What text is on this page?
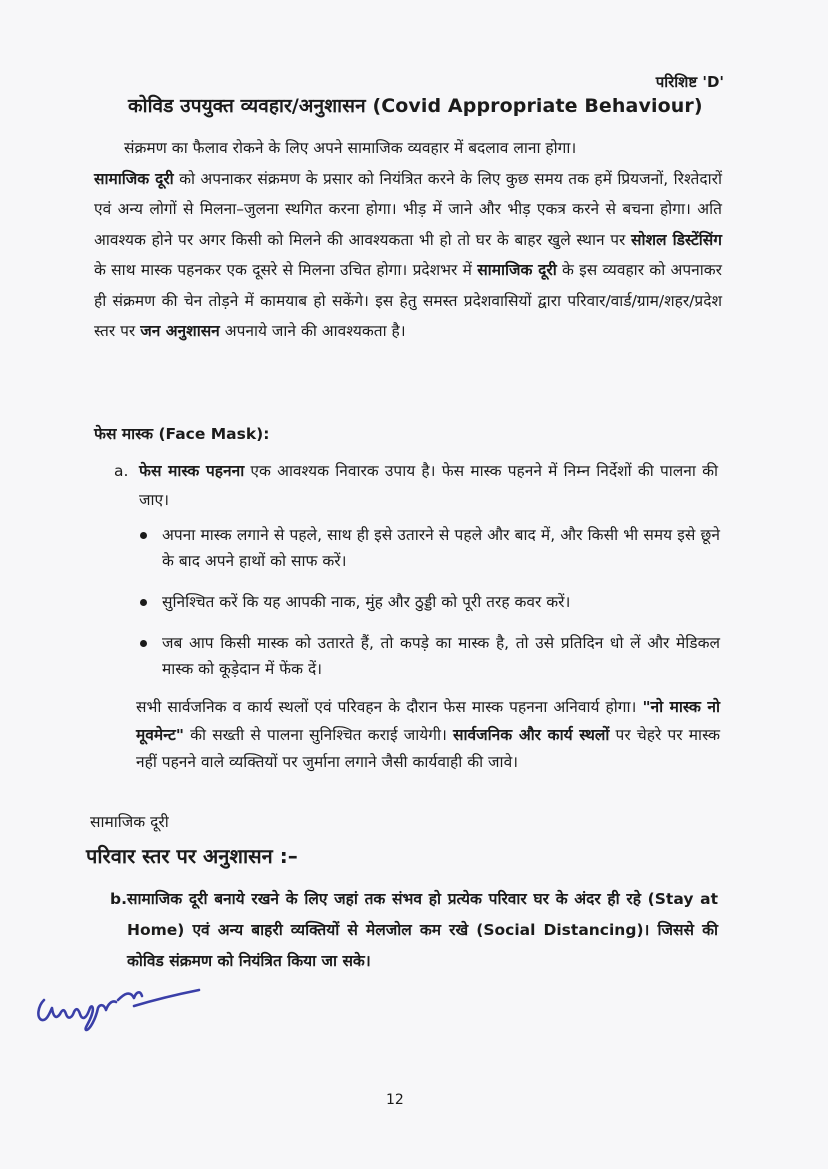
परिशिष्ट 'D'
कोविड उपयुक्त व्यवहार/अनुशासन (Covid Appropriate Behaviour)
संक्रमण का फैलाव रोकने के लिए अपने सामाजिक व्यवहार में बदलाव लाना होगा।
सामाजिक दूरी को अपनाकर संक्रमण के प्रसार को नियंत्रित करने के लिए कुछ समय तक हमें प्रियजनों, रिश्तेदारों एवं अन्य लोगों से मिलना–जुलना स्थगित करना होगा। भीड़ में जाने और भीड़ एकत्र करने से बचना होगा। अति आवश्यक होने पर अगर किसी को मिलने की आवश्यकता भी हो तो घर के बाहर खुले स्थान पर सोशल डिस्टेंसिंग के साथ मास्क पहनकर एक दूसरे से मिलना उचित होगा। प्रदेशभर में सामाजिक दूरी के इस व्यवहार को अपनाकर ही संक्रमण की चेन तोड़ने में कामयाब हो सकेंगे। इस हेतु समस्त प्रदेशवासियों द्वारा परिवार/वार्ड/ग्राम/शहर/प्रदेश स्तर पर जन अनुशासन अपनाये जाने की आवश्यकता है।
फेस मास्क (Face Mask):
a. फेस मास्क पहनना एक आवश्यक निवारक उपाय है। फेस मास्क पहनने में निम्न निर्देशों की पालना की जाए।
अपना मास्क लगाने से पहले, साथ ही इसे उतारने से पहले और बाद में, और किसी भी समय इसे छूने के बाद अपने हाथों को साफ करें।
सुनिश्चित करें कि यह आपकी नाक, मुंह और ठुड्डी को पूरी तरह कवर करें।
जब आप किसी मास्क को उतारते हैं, तो कपड़े का मास्क है, तो उसे प्रतिदिन धो लें और मेडिकल मास्क को कूड़ेदान में फेंक दें।
सभी सार्वजनिक व कार्य स्थलों एवं परिवहन के दौरान फेस मास्क पहनना अनिवार्य होगा। "नो मास्क नो मूवमेन्ट" की सख्ती से पालना सुनिश्चित कराई जायेगी। सार्वजनिक और कार्य स्थलों पर चेहरे पर मास्क नहीं पहनने वाले व्यक्तियों पर जुर्माना लगाने जैसी कार्यवाही की जावे।
सामाजिक दूरी
परिवार स्तर पर अनुशासन :–
b. सामाजिक दूरी बनाये रखने के लिए जहां तक संभव हो प्रत्येक परिवार घर के अंदर ही रहे (Stay at Home) एवं अन्य बाहरी व्यक्तियों से मेलजोल कम रखे (Social Distancing)। जिससे की कोविड संक्रमण को नियंत्रित किया जा सके।
12
